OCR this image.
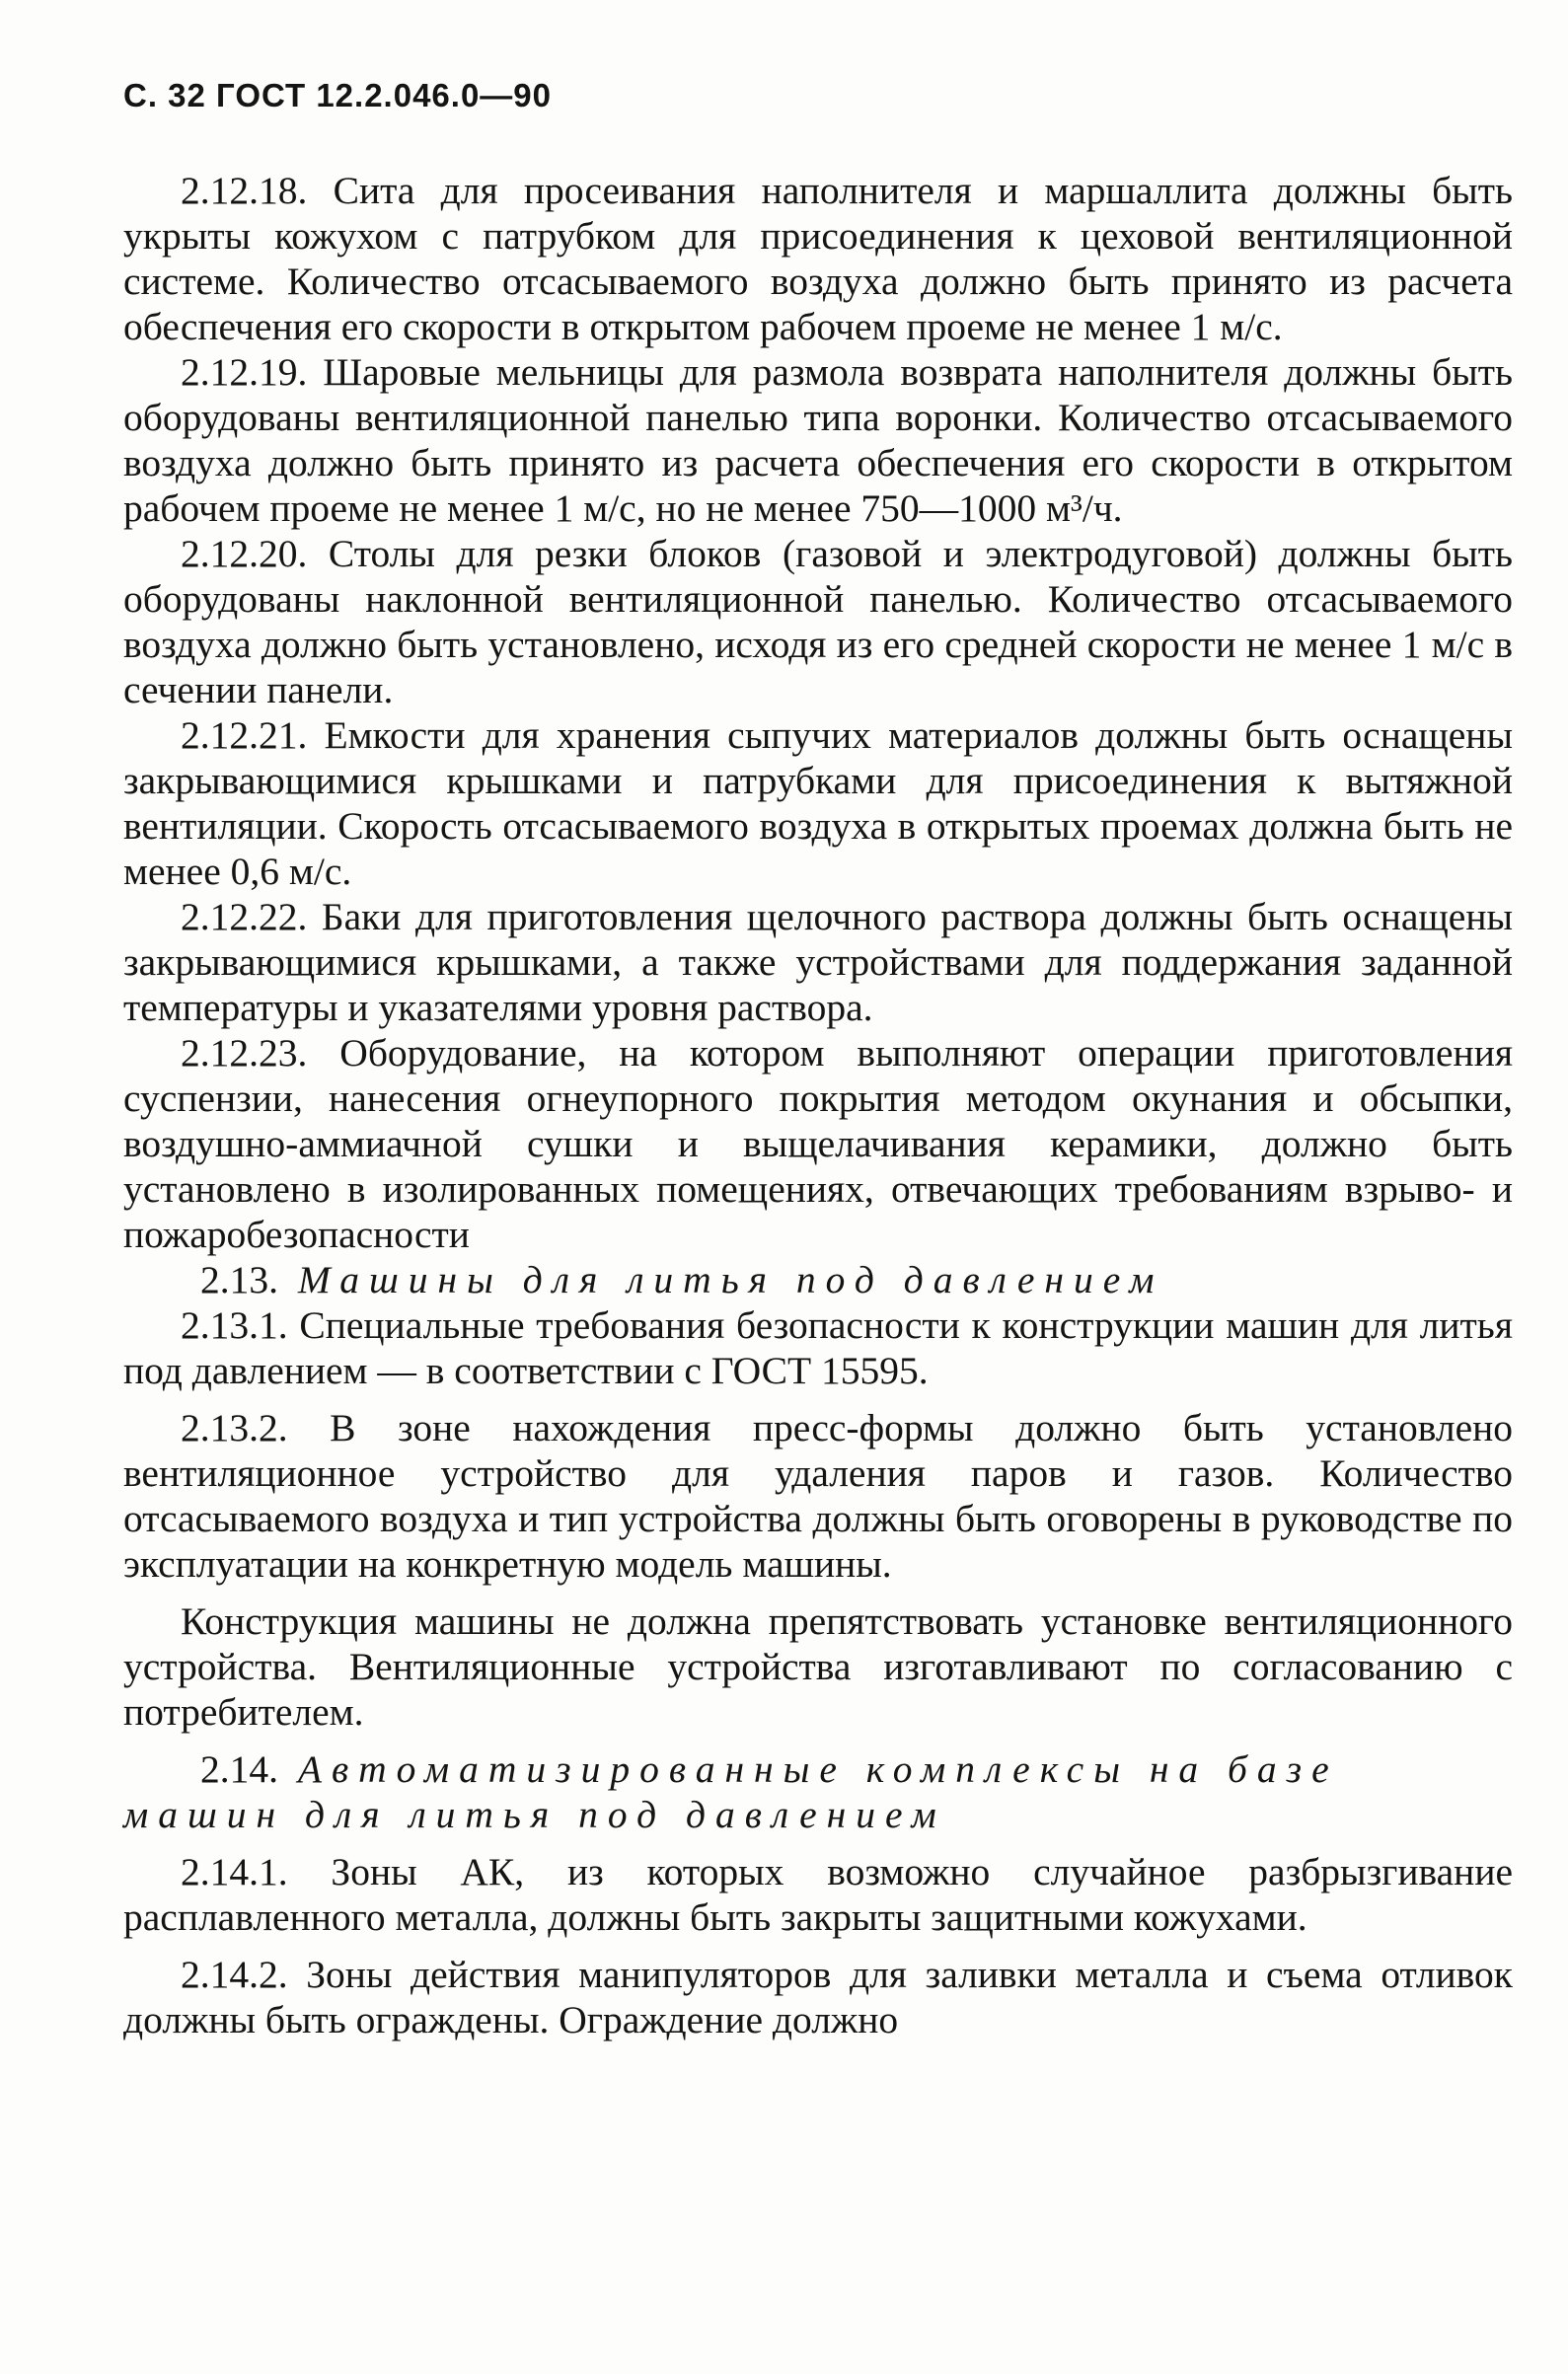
С. 32 ГОСТ 12.2.046.0—90

2.12.18. Сита для просеивания наполнителя и маршаллита должны быть укрыты кожухом с патрубком для присоединения к цеховой вентиляционной системе. Количество отсасываемого воздуха должно быть принято из расчета обеспечения его скорости в открытом рабочем проеме не менее 1 м/с.

2.12.19. Шаровые мельницы для размола возврата наполнителя должны быть оборудованы вентиляционной панелью типа воронки. Количество отсасываемого воздуха должно быть принято из расчета обеспечения его скорости в открытом рабочем проеме не менее 1 м/с, но не менее 750—1000 м³/ч.

2.12.20. Столы для резки блоков (газовой и электродуговой) должны быть оборудованы наклонной вентиляционной панелью. Количество отсасываемого воздуха должно быть установлено, исходя из его средней скорости не менее 1 м/с в сечении панели.

2.12.21. Емкости для хранения сыпучих материалов должны быть оснащены закрывающимися крышками и патрубками для присоединения к вытяжной вентиляции. Скорость отсасываемого воздуха в открытых проемах должна быть не менее 0,6 м/с.

2.12.22. Баки для приготовления щелочного раствора должны быть оснащены закрывающимися крышками, а также устройствами для поддержания заданной температуры и указателями уровня раствора.

2.12.23. Оборудование, на котором выполняют операции приготовления суспензии, нанесения огнеупорного покрытия методом окунания и обсыпки, воздушно-аммиачной сушки и выщелачивания керамики, должно быть установлено в изолированных помещениях, отвечающих требованиям взрыво- и пожаробезопасности

2.13. Машины для литья под давлением

2.13.1. Специальные требования безопасности к конструкции машин для литья под давлением — в соответствии с ГОСТ 15595.

2.13.2. В зоне нахождения пресс-формы должно быть установлено вентиляционное устройство для удаления паров и газов. Количество отсасываемого воздуха и тип устройства должны быть оговорены в руководстве по эксплуатации на конкретную модель машины.

Конструкция машины не должна препятствовать установке вентиляционного устройства. Вентиляционные устройства изготавливают по согласованию с потребителем.

2.14. Автоматизированные комплексы на базе машин для литья под давлением

2.14.1. Зоны АК, из которых возможно случайное разбрызгивание расплавленного металла, должны быть закрыты защитными кожухами.

2.14.2. Зоны действия манипуляторов для заливки металла и съема отливок должны быть ограждены. Ограждение должно
